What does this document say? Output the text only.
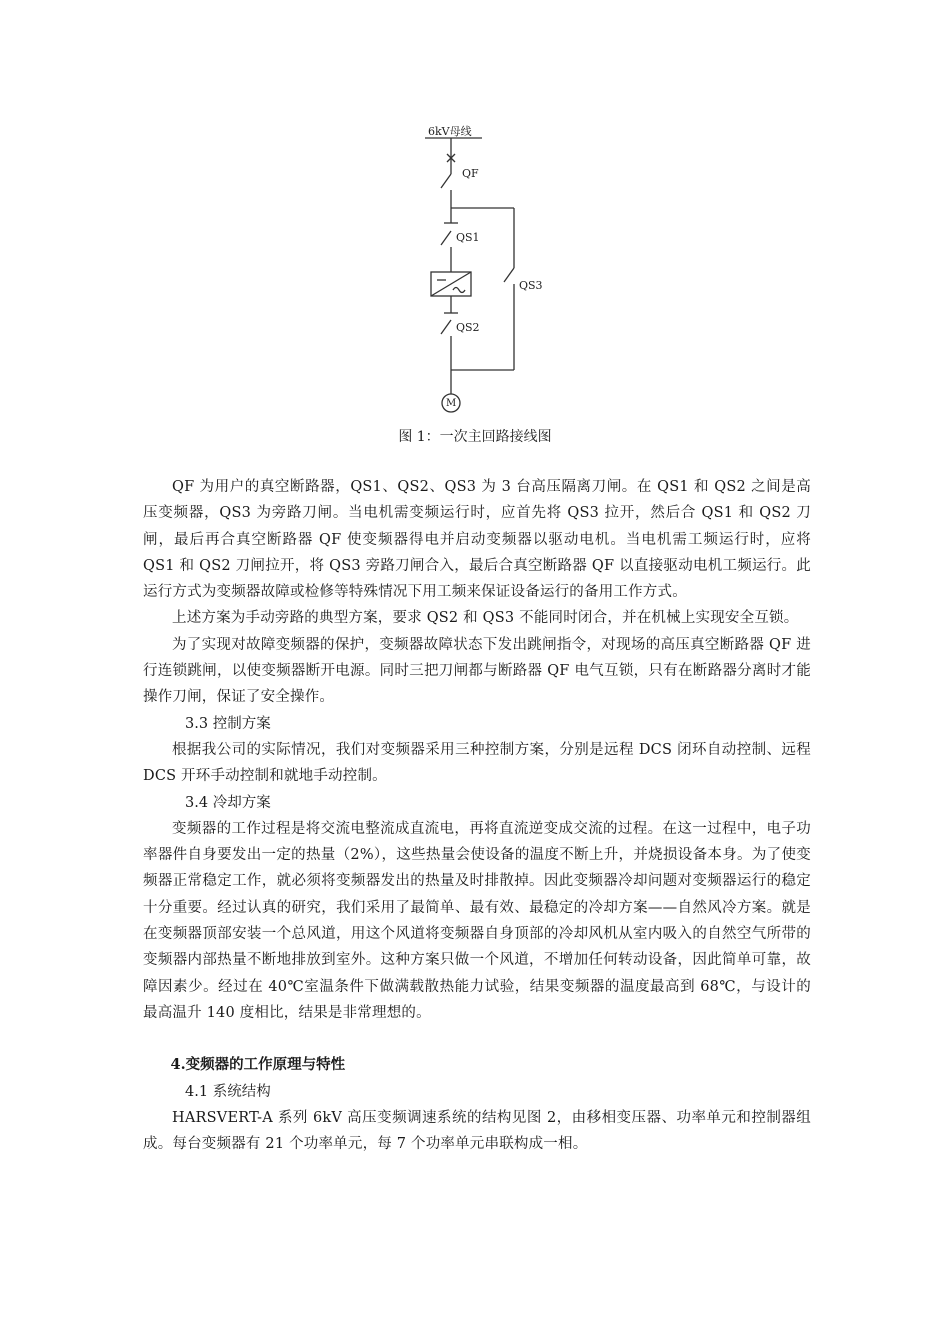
6kV母线
QF
QS1
QS3
QS2
M
图 1：一次主回路接线图

QF 为用户的真空断路器，QS1、QS2、QS3 为 3 台高压隔离刀闸。在 QS1 和 QS2 之间是高压变频器，QS3 为旁路刀闸。当电机需变频运行时，应首先将 QS3 拉开，然后合 QS1 和 QS2 刀闸，最后再合真空断路器 QF 使变频器得电并启动变频器以驱动电机。当电机需工频运行时，应将 QS1 和 QS2 刀闸拉开，将 QS3 旁路刀闸合入，最后合真空断路器 QF 以直接驱动电机工频运行。此运行方式为变频器故障或检修等特殊情况下用工频来保证设备运行的备用工作方式。

上述方案为手动旁路的典型方案，要求 QS2 和 QS3 不能同时闭合，并在机械上实现安全互锁。

为了实现对故障变频器的保护，变频器故障状态下发出跳闸指令，对现场的高压真空断路器 QF 进行连锁跳闸，以使变频器断开电源。同时三把刀闸都与断路器 QF 电气互锁，只有在断路器分离时才能操作刀闸，保证了安全操作。

3.3 控制方案

根据我公司的实际情况，我们对变频器采用三种控制方案，分别是远程 DCS 闭环自动控制、远程 DCS 开环手动控制和就地手动控制。

3.4 冷却方案

变频器的工作过程是将交流电整流成直流电，再将直流逆变成交流的过程。在这一过程中，电子功率器件自身要发出一定的热量（2%），这些热量会使设备的温度不断上升，并烧损设备本身。为了使变频器正常稳定工作，就必须将变频器发出的热量及时排散掉。因此变频器冷却问题对变频器运行的稳定十分重要。经过认真的研究，我们采用了最简单、最有效、最稳定的冷却方案——自然风冷方案。就是在变频器顶部安装一个总风道，用这个风道将变频器自身顶部的冷却风机从室内吸入的自然空气所带的变频器内部热量不断地排放到室外。这种方案只做一个风道，不增加任何转动设备，因此简单可靠，故障因素少。经过在 40℃室温条件下做满载散热能力试验，结果变频器的温度最高到 68℃，与设计的最高温升 140 度相比，结果是非常理想的。

4.变频器的工作原理与特性

4.1 系统结构

HARSVERT-A 系列 6kV 高压变频调速系统的结构见图 2，由移相变压器、功率单元和控制器组成。每台变频器有 21 个功率单元，每 7 个功率单元串联构成一相。
